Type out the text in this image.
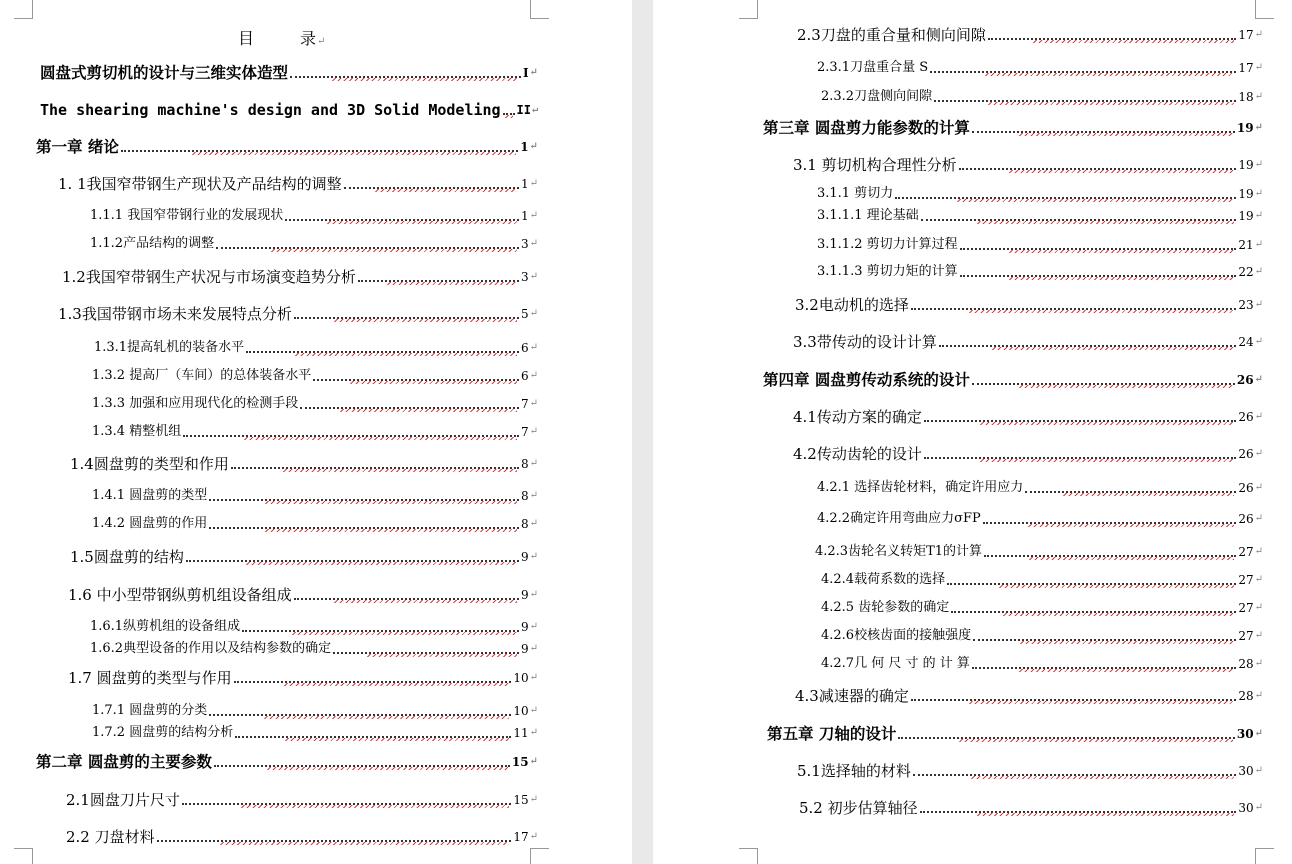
目	录↵
圆盘式剪切机的设计与三维实体造型	I ↵
The shearing machine's design and 3D Solid Modeling II ↵
第一章 绪论	1 ↵
1. 1我国窄带钢生产现状及产品结构的调整	1 ↵
1.1.1 我国窄带钢行业的发展现状	1 ↵
1.1.2产品结构的调整	3 ↵
1.2我国窄带钢生产状况与市场演变趋势分析	3 ↵
1.3我国带钢市场未来发展特点分析	5 ↵
1.3.1提高轧机的装备水平	6 ↵
1.3.2 提高厂（车间）的总体装备水平	6 ↵
1.3.3 加强和应用现代化的检测手段	7 ↵
1.3.4 精整机组	7 ↵
1.4圆盘剪的类型和作用	8 ↵
1.4.1 圆盘剪的类型	8 ↵
1.4.2 圆盘剪的作用	8 ↵
1.5圆盘剪的结构	9 ↵
1.6 中小型带钢纵剪机组设备组成	9 ↵
1.6.1纵剪机组的设备组成	9 ↵
1.6.2典型设备的作用以及结构参数的确定	9 ↵
1.7 圆盘剪的类型与作用	10 ↵
1.7.1 圆盘剪的分类	10 ↵
1.7.2 圆盘剪的结构分析	11 ↵
第二章 圆盘剪的主要参数	15 ↵
2.1圆盘刀片尺寸	15 ↵
2.2 刀盘材料	17 ↵
2.3刀盘的重合量和侧向间隙	17 ↵
2.3.1刀盘重合量 S	17 ↵
2.3.2刀盘侧向间隙	18 ↵
第三章 圆盘剪力能参数的计算	19 ↵
3.1 剪切机构合理性分析	19 ↵
3.1.1 剪切力	19 ↵
3.1.1.1 理论基础	19 ↵
3.1.1.2 剪切力计算过程	21 ↵
3.1.1.3 剪切力矩的计算	22 ↵
3.2电动机的选择	23 ↵
3.3带传动的设计计算	24 ↵
第四章 圆盘剪传动系统的设计	26 ↵
4.1传动方案的确定	26 ↵
4.2传动齿轮的设计	26 ↵
4.2.1 选择齿轮材料，确定许用应力	26 ↵
4.2.2确定许用弯曲应力σFP	26 ↵
4.2.3齿轮名义转矩T1的计算	27 ↵
4.2.4载荷系数的选择	27 ↵
4.2.5 齿轮参数的确定	27 ↵
4.2.6校核齿面的接触强度	27 ↵
4.2.7几 何 尺 寸 的 计 算	28 ↵
4.3减速器的确定	28 ↵
第五章 刀轴的设计	30 ↵
5.1选择轴的材料	30 ↵
5.2 初步估算轴径	30 ↵
